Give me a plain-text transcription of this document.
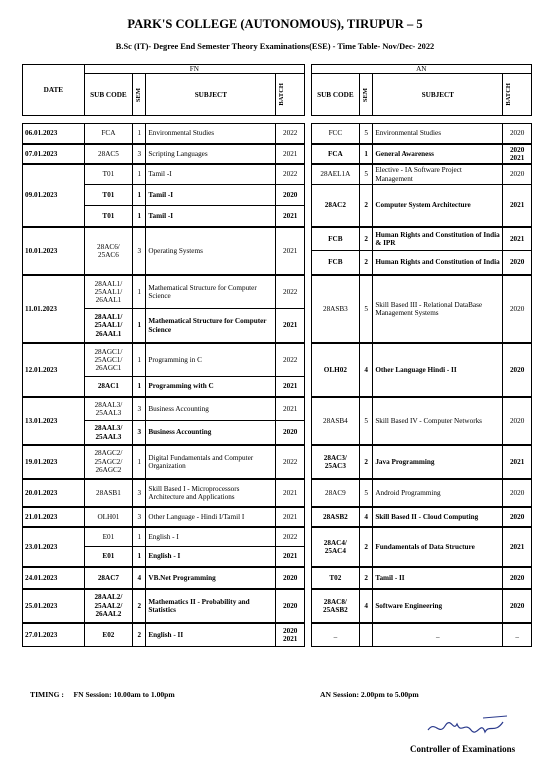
PARK'S COLLEGE (AUTONOMOUS), TIRUPUR – 5
B.Sc (IT)- Degree End Semester Theory Examinations(ESE) - Time Table- Nov/Dec- 2022
DATE	FN					AN			
	SUB CODE	SEM	SUBJECT	BATCH		SUB CODE	SEM	SUBJECT	BATCH

06.01.2023	FCA	1	Environmental Studies	2022		FCC	5	Environmental Studies	2020
07.01.2023	28AC5	3	Scripting Languages	2021		FCA	1	General Awareness	2020 2021
09.01.2023	T01	1	Tamil -I	2022		28AEL1A	5	Elective - IA Software Project Management	2020
	T01	1	Tamil -I	2020		28AC2	2	Computer System Architecture	2021
	T01	1	Tamil -I	2021					
10.01.2023	28AC6/ 25AC6	3	Operating Systems	2021		FCB	2	Human Rights and Constitution of India & IPR	2021
						FCB	2	Human Rights and Constitution of India	2020
11.01.2023	28AAL1/ 25AAL1/ 26AAL1	1	Mathematical Structure for Computer Science	2022		28ASB3	5	Skill Based III - Relational DataBase Management Systems	2020
	28AAL1/ 25AAL1/ 26AAL1	1	Mathematical Structure for Computer Science	2021					
12.01.2023	28AGC1/ 25AGC1/ 26AGC1	1	Programming in C	2022		OLH02	4	Other Language Hindi - II	2020
	28AC1	1	Programming with C	2021					
13.01.2023	28AAL3/ 25AAL3	3	Business Accounting	2021		28ASB4	5	Skill Based IV - Computer Networks	2020
	28AAL3/ 25AAL3	3	Business Accounting	2020					
19.01.2023	28AGC2/ 25AGC2/ 26AGC2	1	Digital Fundamentals and Computer Organization	2022		28AC3/ 25AC3	2	Java Programming	2021
20.01.2023	28ASB1	3	Skill Based I - Microprocessors Architecture and Applications	2021		28AC9	5	Android Programming	2020
21.01.2023	OLH01	3	Other Language - Hindi I/Tamil I	2021		28ASB2	4	Skill Based II - Cloud Computing	2020
23.01.2023	E01	1	English - I	2022		28AC4/ 25AC4	2	Fundamentals of Data Structure	2021
	E01	1	English - I	2021					
24.01.2023	28AC7	4	VB.Net Programming	2020		T02	2	Tamil - II	2020
25.01.2023	28AAL2/ 25AAL2/ 26AAL2	2	Mathematics II - Probability and Statistics	2020		28AC8/ 25ASB2	4	Software Engineering	2020
27.01.2023	E02	2	English - II	2020 2021		_		_	_
TIMING : FN Session: 10.00am to 1.00pm	AN Session: 2.00pm to 5.00pm
Controller of Examinations
